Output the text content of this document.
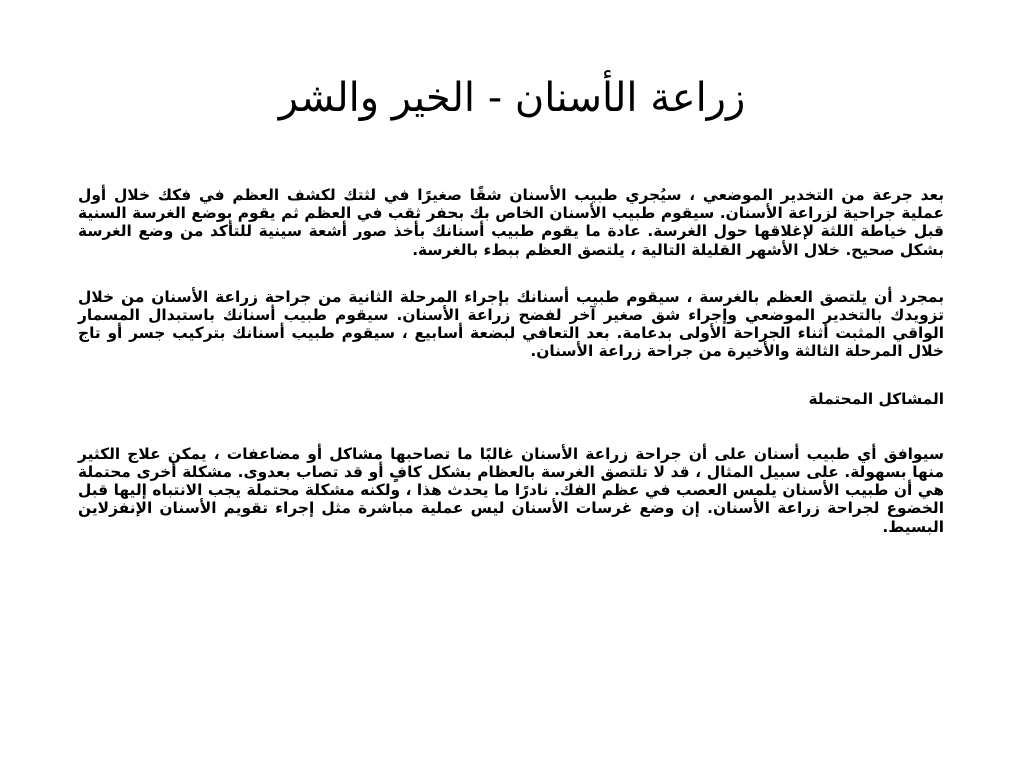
زراعة الأسنان - الخير والشر

بعد جرعة من التخدير الموضعي ، سيُجري طبيب الأسنان شقًا صغيرًا في لثتك لكشف العظم في فكك خلال أول عملية جراحية لزراعة الأسنان. سيقوم طبيب الأسنان الخاص بك بحفر ثقب في العظم ثم يقوم بوضع الغرسة السنية قبل خياطة اللثة لإغلاقها حول الغرسة. عادة ما يقوم طبيب أسنانك بأخذ صور أشعة سينية للتأكد من وضع الغرسة بشكل صحيح. خلال الأشهر القليلة التالية ، يلتصق العظم ببطء بالغرسة.

بمجرد أن يلتصق العظم بالغرسة ، سيقوم طبيب أسنانك بإجراء المرحلة الثانية من جراحة زراعة الأسنان من خلال تزويدك بالتخدير الموضعي وإجراء شق صغير آخر لفضح زراعة الأسنان. سيقوم طبيب أسنانك باستبدال المسمار الواقي المثبت أثناء الجراحة الأولى بدعامة. بعد التعافي لبضعة أسابيع ، سيقوم طبيب أسنانك بتركيب جسر أو تاج خلال المرحلة الثالثة والأخيرة من جراحة زراعة الأسنان.

المشاكل المحتملة

سيوافق أي طبيب أسنان على أن جراحة زراعة الأسنان غالبًا ما تصاحبها مشاكل أو مضاعفات ، يمكن علاج الكثير منها بسهولة. على سبيل المثال ، قد لا تلتصق الغرسة بالعظام بشكل كافٍ أو قد تصاب بعدوى. مشكلة أخرى محتملة هي أن طبيب الأسنان يلمس العصب في عظم الفك. نادرًا ما يحدث هذا ، ولكنه مشكلة محتملة يجب الانتباه إليها قبل الخضوع لجراحة زراعة الأسنان. إن وضع غرسات الأسنان ليس عملية مباشرة مثل إجراء تقويم الأسنان الإنفزلاين البسيط.
